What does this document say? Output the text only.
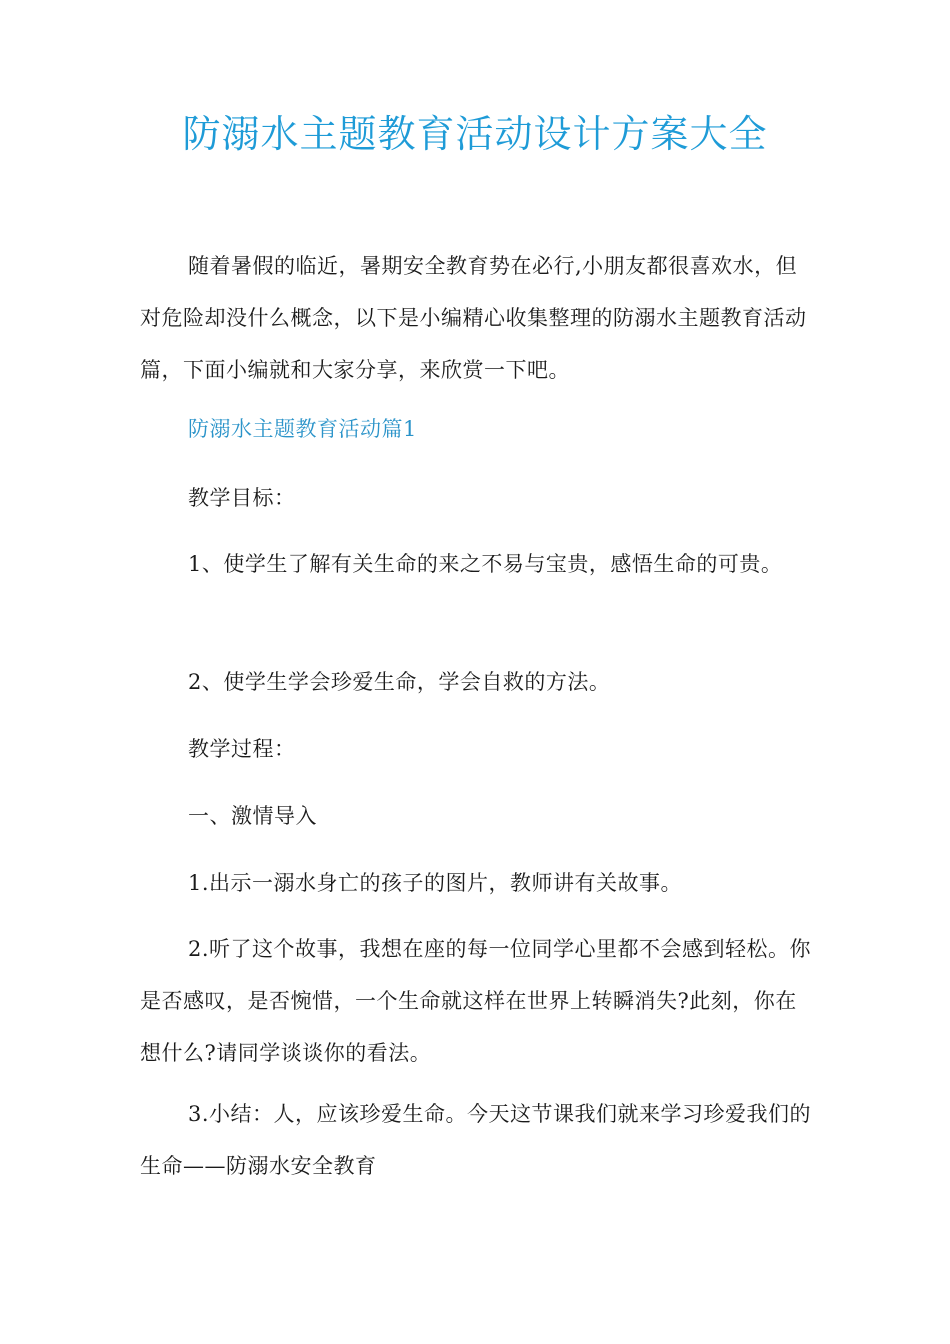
防溺水主题教育活动设计方案大全

随着暑假的临近，暑期安全教育势在必行,小朋友都很喜欢水，但对危险却没什么概念，以下是小编精心收集整理的防溺水主题教育活动篇，下面小编就和大家分享，来欣赏一下吧。

防溺水主题教育活动篇1

教学目标：

1、使学生了解有关生命的来之不易与宝贵，感悟生命的可贵。

2、使学生学会珍爱生命，学会自救的方法。

教学过程：

一、激情导入

1.出示一溺水身亡的孩子的图片，教师讲有关故事。

2.听了这个故事，我想在座的每一位同学心里都不会感到轻松。你是否感叹，是否惋惜，一个生命就这样在世界上转瞬消失?此刻，你在想什么?请同学谈谈你的看法。

3.小结：人，应该珍爱生命。今天这节课我们就来学习珍爱我们的生命——防溺水安全教育
